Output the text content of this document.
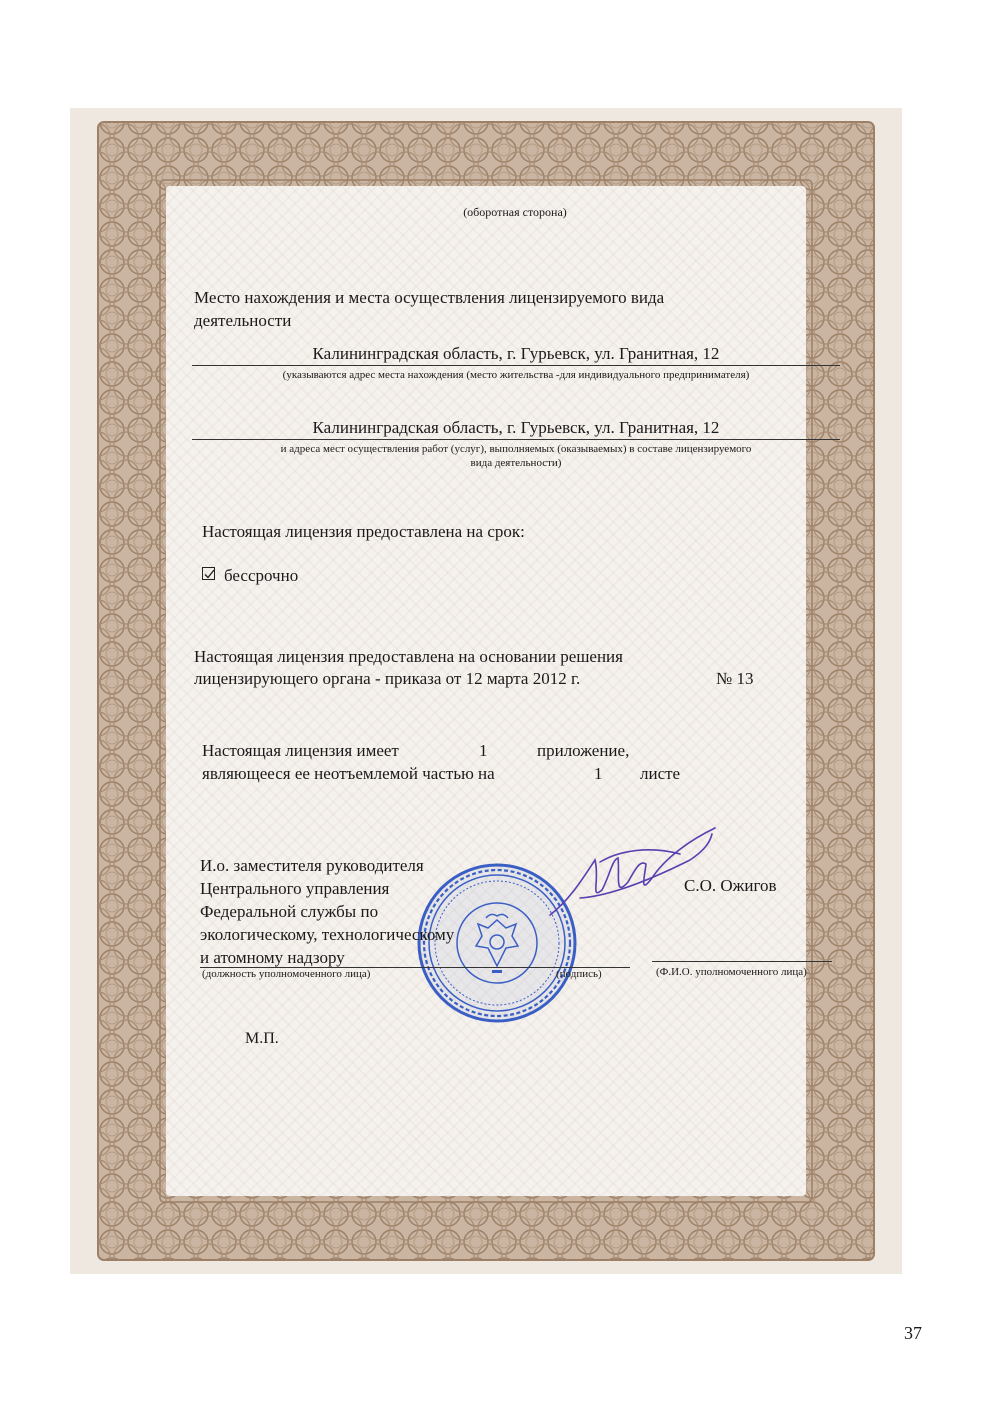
(оборотная сторона)
Место нахождения и места осуществления лицензируемого вида
деятельности
Калининградская область, г. Гурьевск, ул. Гранитная, 12
(указываются адрес места нахождения (место жительства -для индивидуального предпринимателя)
Калининградская область, г. Гурьевск, ул. Гранитная, 12
и адреса мест осуществления работ (услуг), выполняемых (оказываемых) в составе лицензируемого
вида деятельности)
Настоящая лицензия предоставлена на срок:
бессрочно
Настоящая лицензия предоставлена на основании решения
лицензирующего органа - приказа от 12 марта 2012 г.	№ 13
Настоящая лицензия имеет	1	приложение,
являющееся ее неотъемлемой частью на	1 листе
И.о. заместителя руководителя
Центрального управления
Федеральной службы по
экологическому, технологическому
и атомному надзору
С.О. Ожигов
(должность уполномоченного лица)	(подпись)	(Ф.И.О. уполномоченного лица)
М.П.
37
